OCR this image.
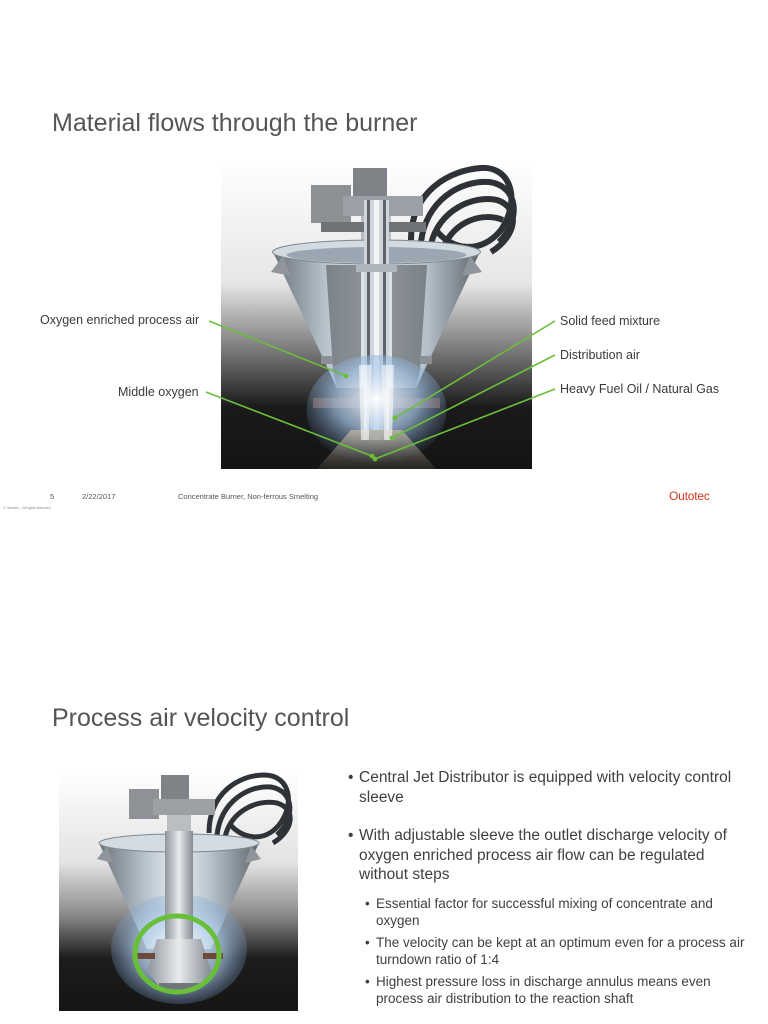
Material flows through the burner
Oxygen enriched process air
Middle oxygen
Solid feed mixture
Distribution air
Heavy Fuel Oil / Natural Gas
5	2/22/2017	Concentrate Burner, Non-ferrous Smelting	Outotec
© Outotec – All rights reserved
Process air velocity control
• Central Jet Distributor is equipped with velocity control sleeve
• With adjustable sleeve the outlet discharge velocity of oxygen enriched process air flow can be regulated without steps
• Essential factor for successful mixing of concentrate and oxygen
• The velocity can be kept at an optimum even for a process air turndown ratio of 1:4
• Highest pressure loss in discharge annulus means even process air distribution to the reaction shaft
